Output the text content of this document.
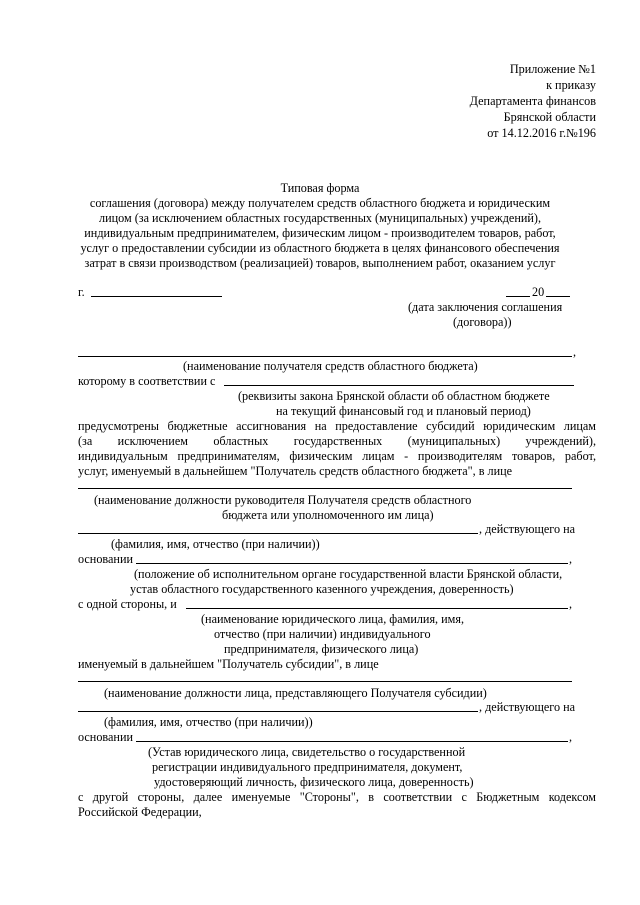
Приложение №1
к приказу
Департамента финансов
Брянской области
от 14.12.2016 г.№196
Типовая форма
соглашения (договора) между получателем средств областного бюджета и юридическим
лицом (за исключением областных государственных (муниципальных) учреждений),
индивидуальным предпринимателем, физическим лицом - производителем товаров, работ,
услуг о предоставлении субсидии из областного бюджета в целях финансового обеспечения
затрат в связи производством (реализацией) товаров, выполнением работ, оказанием услуг
г.	20
(дата заключения соглашения
(договора))
,
(наименование получателя средств областного бюджета)
которому в соответствии с
(реквизиты закона Брянской области об областном бюджете
на текущий финансовый год и плановый период)
предусмотрены бюджетные ассигнования на предоставление субсидий юридическим лицам
(за исключением областных государственных (муниципальных) учреждений),
индивидуальным предпринимателям, физическим лицам - производителям товаров, работ,
услуг, именуемый в дальнейшем "Получатель средств областного бюджета", в лице
(наименование должности руководителя Получателя средств областного
бюджета или уполномоченного им лица)
, действующего на
(фамилия, имя, отчество (при наличии))
основании	,
(положение об исполнительном органе государственной власти Брянской области,
устав областного государственного казенного учреждения, доверенность)
с одной стороны, и	,
(наименование юридического лица, фамилия, имя,
отчество (при наличии) индивидуального
предпринимателя, физического лица)
именуемый в дальнейшем "Получатель субсидии", в лице
(наименование должности лица, представляющего Получателя субсидии)
, действующего на
(фамилия, имя, отчество (при наличии))
основании	,
(Устав юридического лица, свидетельство о государственной
регистрации индивидуального предпринимателя, документ,
удостоверяющий личность, физического лица, доверенность)
с другой стороны, далее именуемые "Стороны", в соответствии с Бюджетным кодексом
Российской Федерации,
